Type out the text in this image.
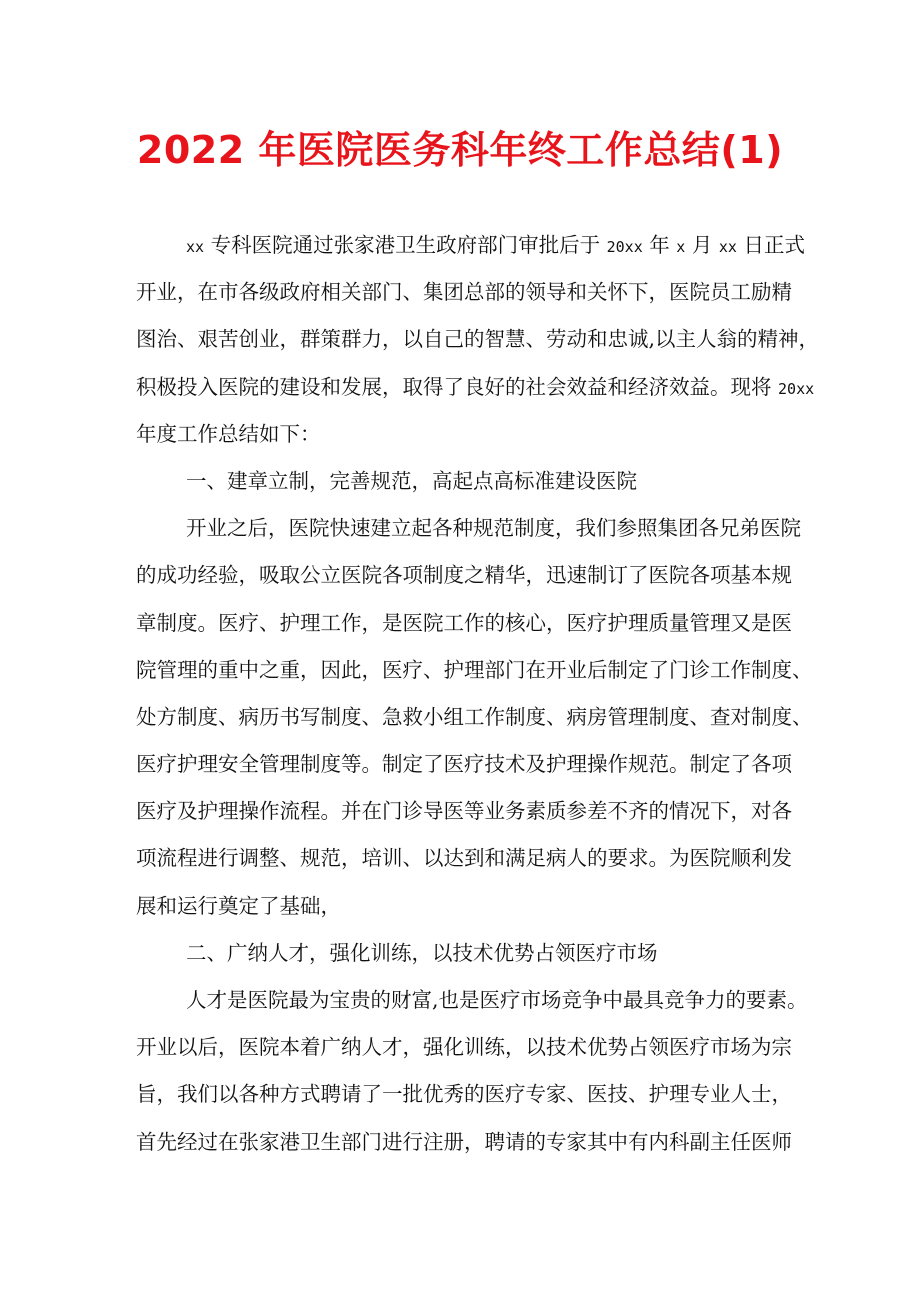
2022 年医院医务科年终工作总结(1)
xx 专科医院通过张家港卫生政府部门审批后于 20xx 年 x 月 xx 日正式
开业，在市各级政府相关部门、集团总部的领导和关怀下，医院员工励精
图治、艰苦创业，群策群力，以自己的智慧、劳动和忠诚,以主人翁的精神，
积极投入医院的建设和发展，取得了良好的社会效益和经济效益。现将 20xx
年度工作总结如下：
一、建章立制，完善规范，高起点高标准建设医院
开业之后，医院快速建立起各种规范制度，我们参照集团各兄弟医院
的成功经验，吸取公立医院各项制度之精华，迅速制订了医院各项基本规
章制度。医疗、护理工作，是医院工作的核心，医疗护理质量管理又是医
院管理的重中之重，因此，医疗、护理部门在开业后制定了门诊工作制度、
处方制度、病历书写制度、急救小组工作制度、病房管理制度、查对制度、
医疗护理安全管理制度等。制定了医疗技术及护理操作规范。制定了各项
医疗及护理操作流程。并在门诊导医等业务素质参差不齐的情况下，对各
项流程进行调整、规范，培训、以达到和满足病人的要求。为医院顺利发
展和运行奠定了基础，
二、广纳人才，强化训练，以技术优势占领医疗市场
人才是医院最为宝贵的财富,也是医疗市场竞争中最具竞争力的要素。
开业以后，医院本着广纳人才，强化训练，以技术优势占领医疗市场为宗
旨，我们以各种方式聘请了一批优秀的医疗专家、医技、护理专业人士，
首先经过在张家港卫生部门进行注册，聘请的专家其中有内科副主任医师
